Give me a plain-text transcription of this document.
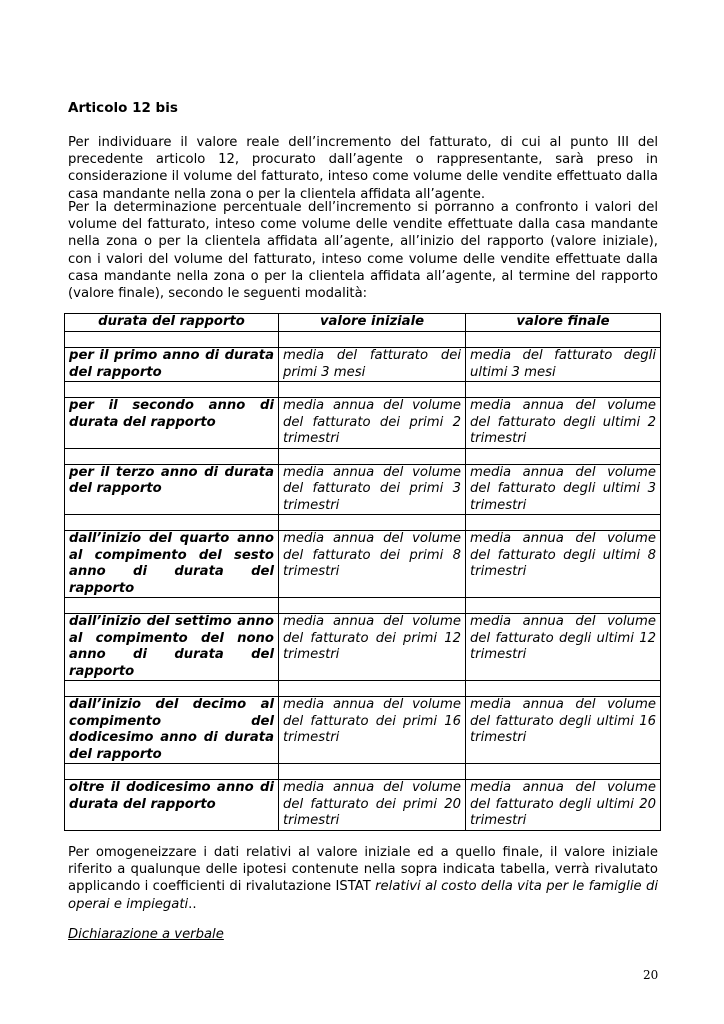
Articolo 12 bis
Per individuare il valore reale dell’incremento del fatturato, di cui al punto III del precedente articolo 12, procurato dall’agente o rappresentante, sarà preso in considerazione il volume del fatturato, inteso come volume delle vendite effettuato dalla casa mandante nella zona o per la clientela affidata all’agente.
Per la determinazione percentuale dell’incremento si porranno a confronto i valori del volume del fatturato, inteso come volume delle vendite effettuate dalla casa mandante nella zona o per la clientela affidata all’agente, all’inizio del rapporto (valore iniziale), con i valori del volume del fatturato, inteso come volume delle vendite effettuate dalla casa mandante nella zona o per la clientela affidata all’agente, al termine del rapporto (valore finale), secondo le seguenti modalità:
durata del rapporto	valore iniziale	valore finale

per il primo anno di durata del rapporto	media del fatturato dei primi 3 mesi	media del fatturato degli ultimi 3 mesi

per il secondo anno di durata del rapporto	media annua del volume del fatturato dei primi 2 trimestri	media annua del volume del fatturato degli ultimi 2 trimestri

per il terzo anno di durata del rapporto	media annua del volume del fatturato dei primi 3 trimestri	media annua del volume del fatturato degli ultimi 3 trimestri

dall’inizio del quarto anno al compimento del sesto anno di durata del rapporto	media annua del volume del fatturato dei primi 8 trimestri	media annua del volume del fatturato degli ultimi 8 trimestri

dall’inizio del settimo anno al compimento del nono anno di durata del rapporto	media annua del volume del fatturato dei primi 12 trimestri	media annua del volume del fatturato degli ultimi 12 trimestri

dall’inizio del decimo al compimento del dodicesimo anno di durata del rapporto	media annua del volume del fatturato dei primi 16 trimestri	media annua del volume del fatturato degli ultimi 16 trimestri

oltre il dodicesimo anno di durata del rapporto	media annua del volume del fatturato dei primi 20 trimestri	media annua del volume del fatturato degli ultimi 20 trimestri
Per omogeneizzare i dati relativi al valore iniziale ed a quello finale, il valore iniziale riferito a qualunque delle ipotesi contenute nella sopra indicata tabella, verrà rivalutato applicando i coefficienti di rivalutazione ISTAT relativi al costo della vita per le famiglie di operai e impiegati..
Dichiarazione a verbale
20
